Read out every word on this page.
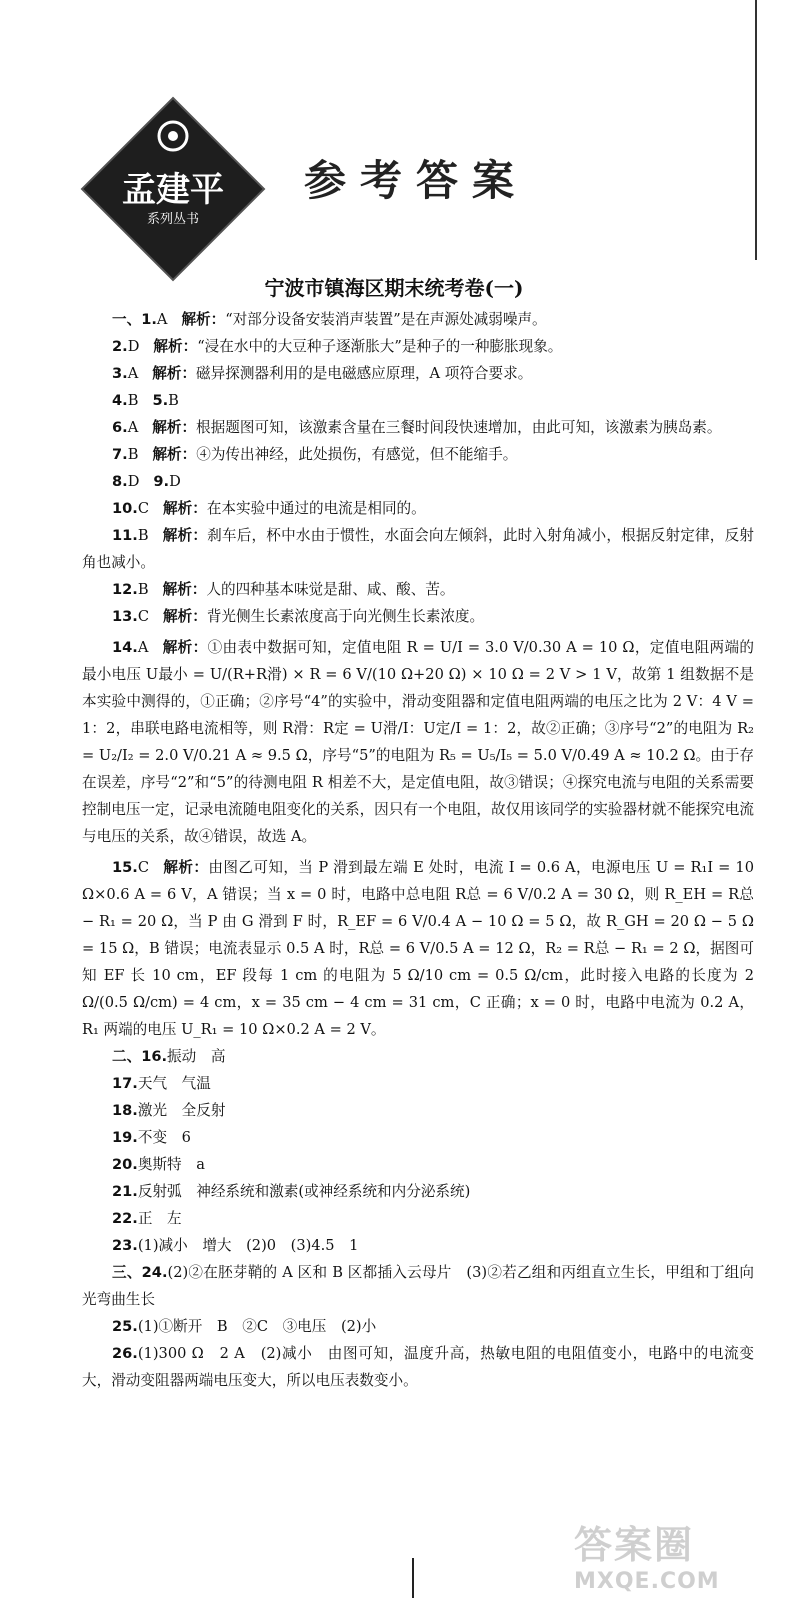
孟建平
系列丛书
参考答案
宁波市镇海区期末统考卷(一)
一、1.A 解析：“对部分设备安装消声装置”是在声源处减弱噪声。
2.D 解析：“浸在水中的大豆种子逐渐胀大”是种子的一种膨胀现象。
3.A 解析：磁异探测器利用的是电磁感应原理，A 项符合要求。
4.B 5.B
6.A 解析：根据题图可知，该激素含量在三餐时间段快速增加，由此可知，该激素为胰岛素。
7.B 解析：④为传出神经，此处损伤，有感觉，但不能缩手。
8.D 9.D
10.C 解析：在本实验中通过的电流是相同的。
11.B 解析：刹车后，杯中水由于惯性，水面会向左倾斜，此时入射角减小，根据反射定律，反射角也减小。
12.B 解析：人的四种基本味觉是甜、咸、酸、苦。
13.C 解析：背光侧生长素浓度高于向光侧生长素浓度。
14.A 解析：①由表中数据可知，定值电阻 R = U/I = 3.0 V/0.30 A = 10 Ω，定值电阻两端的最小电压 U最小 = U/(R+R滑) × R = 6 V/(10 Ω+20 Ω) × 10 Ω = 2 V > 1 V，故第 1 组数据不是本实验中测得的，①正确；②序号“4”的实验中，滑动变阻器和定值电阻两端的电压之比为 2 V：4 V = 1：2，串联电路电流相等，则 R滑：R定 = U滑/I：U定/I = 1：2，故②正确；③序号“2”的电阻为 R₂ = U₂/I₂ = 2.0 V/0.21 A ≈ 9.5 Ω，序号“5”的电阻为 R₅ = U₅/I₅ = 5.0 V/0.49 A ≈ 10.2 Ω。由于存在误差，序号“2”和“5”的待测电阻 R 相差不大，是定值电阻，故③错误；④探究电流与电阻的关系需要控制电压一定，记录电流随电阻变化的关系，因只有一个电阻，故仅用该同学的实验器材就不能探究电流与电压的关系，故④错误，故选 A。
15.C 解析：由图乙可知，当 P 滑到最左端 E 处时，电流 I = 0.6 A，电源电压 U = R₁I = 10 Ω×0.6 A = 6 V，A 错误；当 x = 0 时，电路中总电阻 R总 = 6 V/0.2 A = 30 Ω，则 R_EH = R总 − R₁ = 20 Ω，当 P 由 G 滑到 F 时，R_EF = 6 V/0.4 A − 10 Ω = 5 Ω，故 R_GH = 20 Ω − 5 Ω = 15 Ω，B 错误；电流表显示 0.5 A 时，R总 = 6 V/0.5 A = 12 Ω，R₂ = R总 − R₁ = 2 Ω，据图可知 EF 长 10 cm，EF 段每 1 cm 的电阻为 5 Ω/10 cm = 0.5 Ω/cm，此时接入电路的长度为 2 Ω/(0.5 Ω/cm) = 4 cm，x = 35 cm − 4 cm = 31 cm，C 正确；x = 0 时，电路中电流为 0.2 A，R₁ 两端的电压 U_R₁ = 10 Ω×0.2 A = 2 V。
二、16.振动　高
17.天气　气温
18.激光　全反射
19.不变　6
20.奥斯特　a
21.反射弧　神经系统和激素(或神经系统和内分泌系统)
22.正　左
23.(1)减小　增大　(2)0　(3)4.5　1
三、24.(2)②在胚芽鞘的 A 区和 B 区都插入云母片　(3)②若乙组和丙组直立生长，甲组和丁组向光弯曲生长
25.(1)①断开　B　②C　③电压　(2)小
26.(1)300 Ω　2 A　(2)减小　由图可知，温度升高，热敏电阻的电阻值变小，电路中的电流变大，滑动变阻器两端电压变大，所以电压表数变小。
答案圈
MXQE.COM
